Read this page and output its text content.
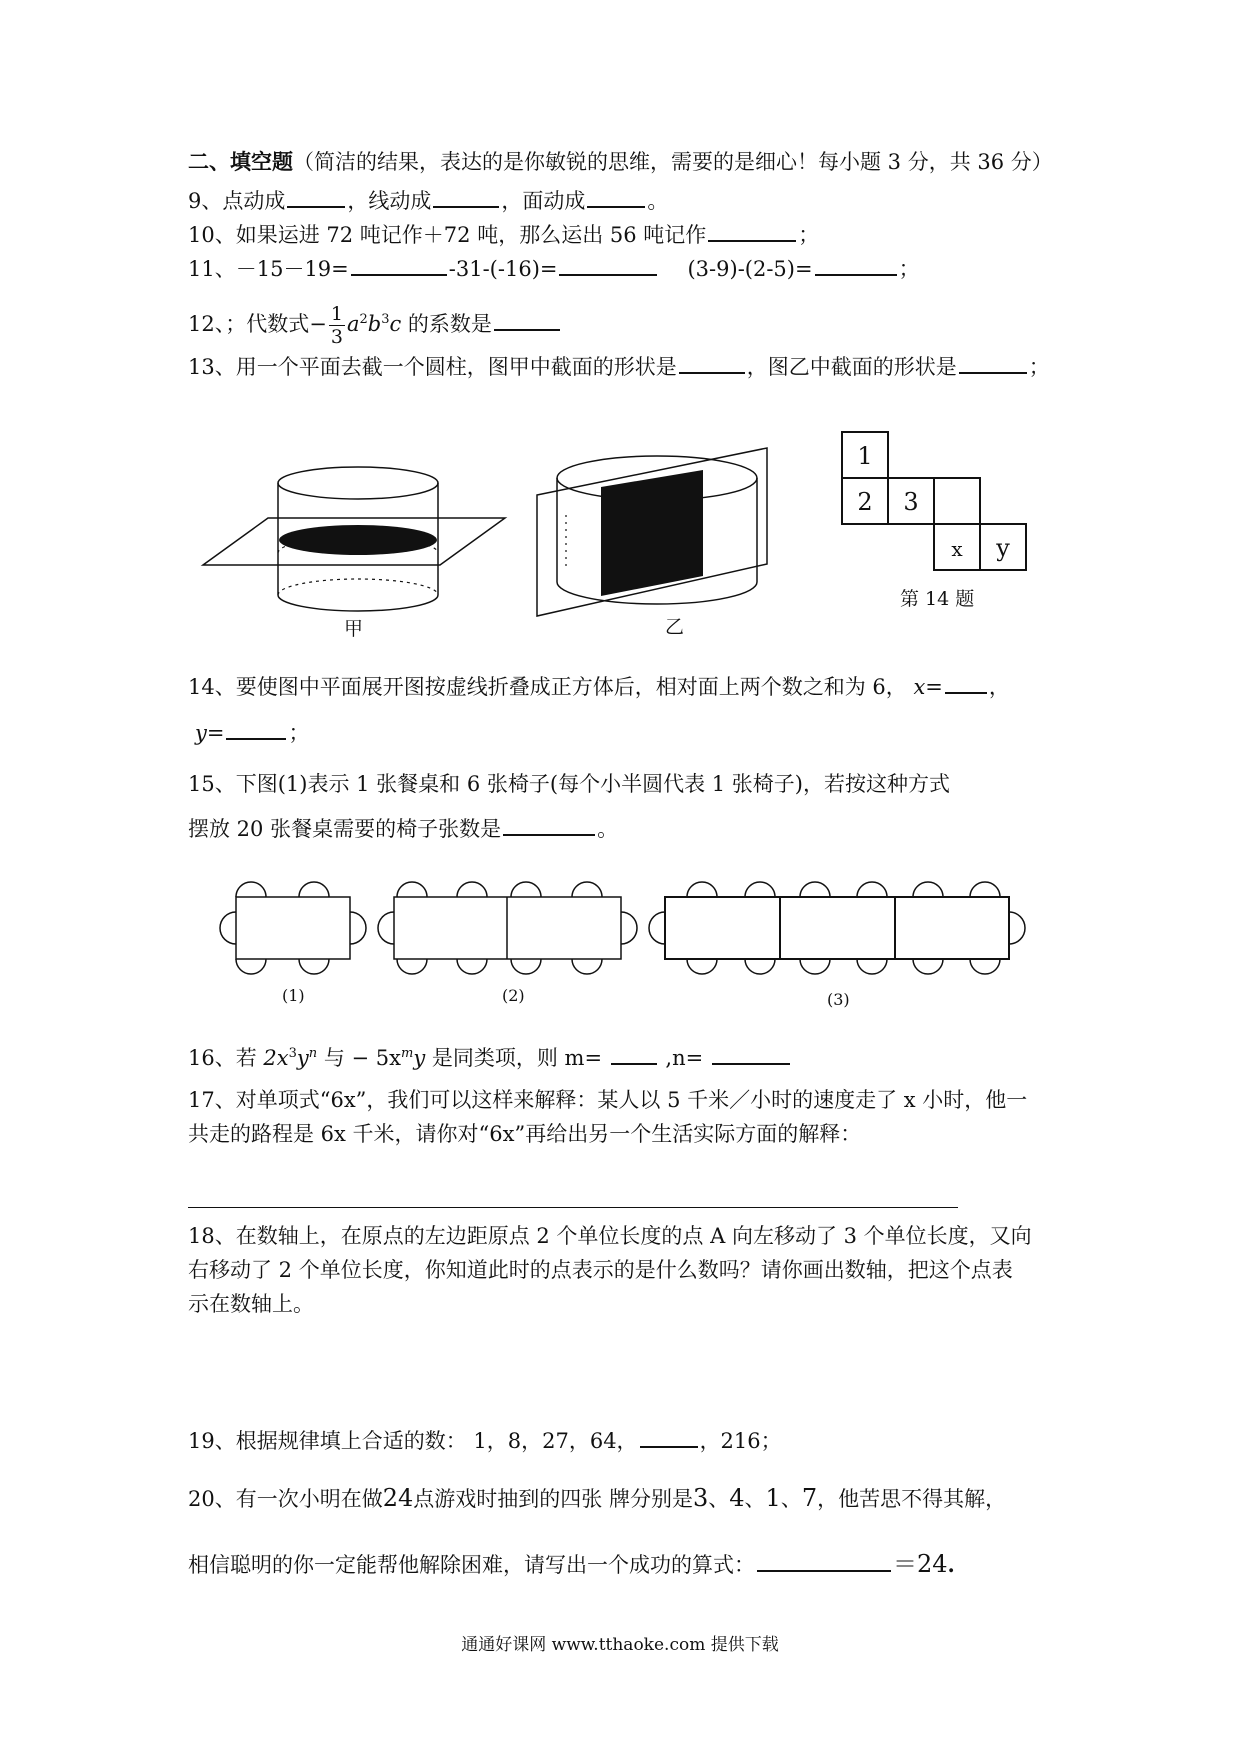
二、填空题（简洁的结果，表达的是你敏锐的思维，需要的是细心！每小题 3 分，共 36 分）
9、点动成	，线动成	，面动成	。
10、如果运进 72 吨记作＋72 吨，那么运出 56 吨记作	；
11、－15－19=	-31-(-16)=	(3-9)-(2-5)=	；
12、；代数式− $\frac{1}{3} a^2b^3c$ 的系数是
13、用一个平面去截一个圆柱，图甲中截面的形状是	，图乙中截面的形状是	；
甲	乙
1
2 3
x y
第 14 题
14、要使图中平面展开图按虚线折叠成正方体后，相对面上两个数之和为 6， x= ，
y=	；
15、下图(1)表示 1 张餐桌和 6 张椅子(每个小半圆代表 1 张椅子)，若按这种方式
摆放 20 张餐桌需要的椅子张数是	。
(1)	(2)	(3)
16、若 $2x^3y^n$ 与 − $5x^my$ 是同类项，则 m=  ,n=
17、对单项式“6x”，我们可以这样来解释：某人以 5 千米／小时的速度走了 x 小时，他一
共走的路程是 6x 千米，请你对“6x”再给出另一个生活实际方面的解释：
18、在数轴上，在原点的左边距原点 2 个单位长度的点 A 向左移动了 3 个单位长度，又向
右移动了 2 个单位长度，你知道此时的点表示的是什么数吗？请你画出数轴，把这个点表
示在数轴上。
19、根据规律填上合适的数： 1，8，27，64，	，216；
20、有一次小明在做24点游戏时抽到的四张 牌分别是3、4、1、7，他苦思不得其解，
相信聪明的你一定能帮他解除困难，请写出一个成功的算式：	＝24.
通通好课网 www.tthaoke.com 提供下载
